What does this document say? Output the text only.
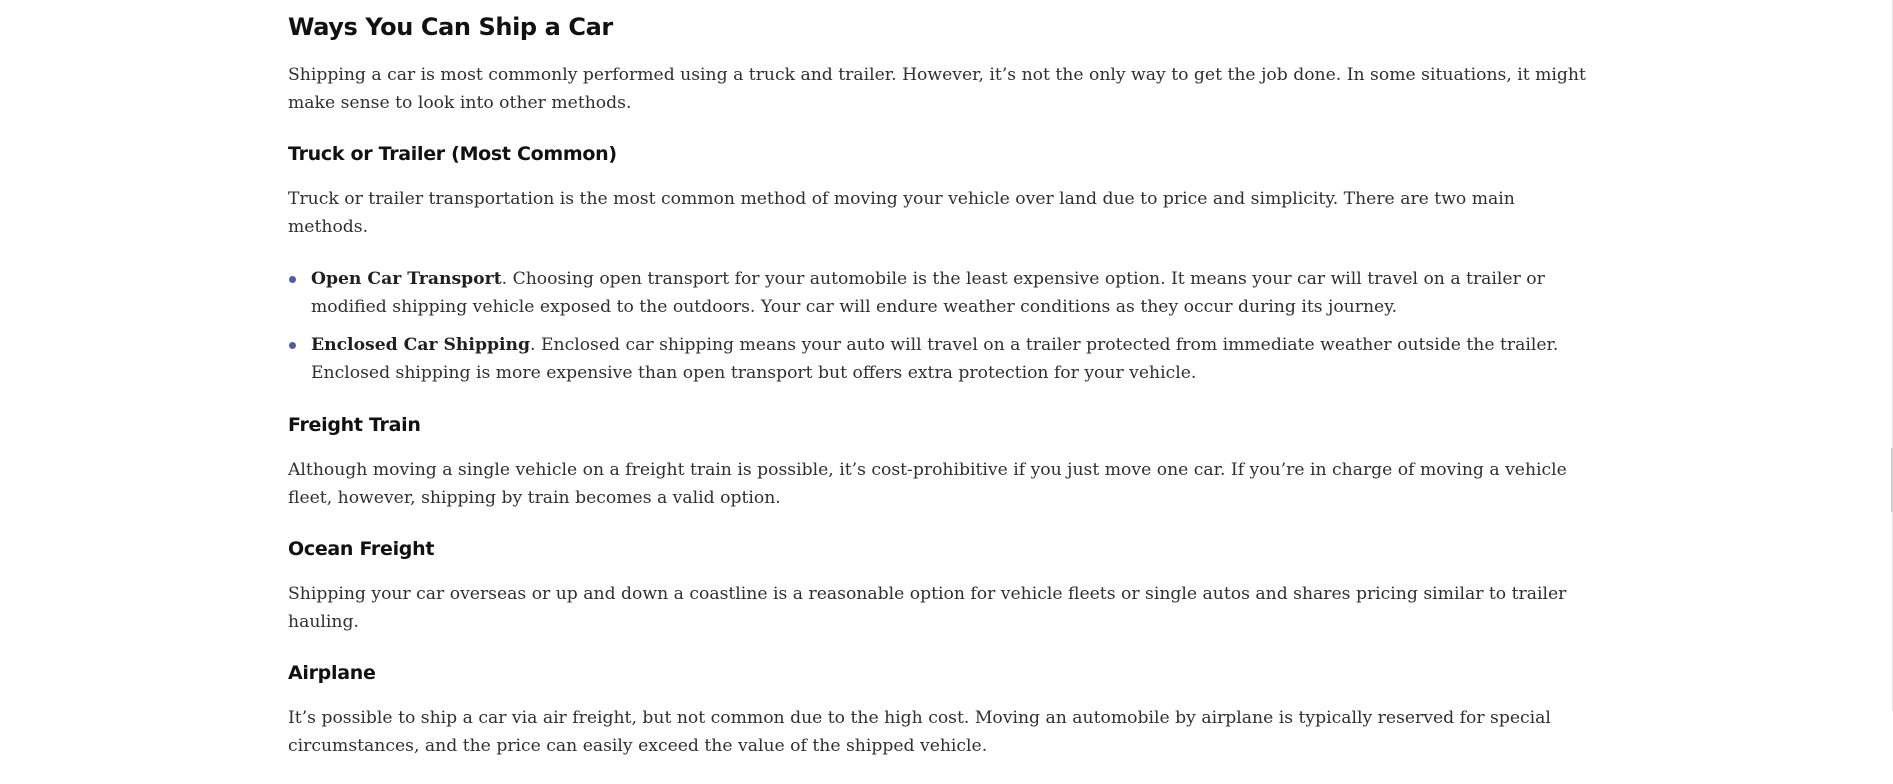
Ways You Can Ship a Car

Shipping a car is most commonly performed using a truck and trailer. However, it’s not the only way to get the job done. In some situations, it might make sense to look into other methods.

Truck or Trailer (Most Common)

Truck or trailer transportation is the most common method of moving your vehicle over land due to price and simplicity. There are two main methods.

Open Car Transport. Choosing open transport for your automobile is the least expensive option. It means your car will travel on a trailer or modified shipping vehicle exposed to the outdoors. Your car will endure weather conditions as they occur during its journey.
Enclosed Car Shipping. Enclosed car shipping means your auto will travel on a trailer protected from immediate weather outside the trailer. Enclosed shipping is more expensive than open transport but offers extra protection for your vehicle.
Freight Train

Although moving a single vehicle on a freight train is possible, it’s cost-prohibitive if you just move one car. If you’re in charge of moving a vehicle fleet, however, shipping by train becomes a valid option.

Ocean Freight

Shipping your car overseas or up and down a coastline is a reasonable option for vehicle fleets or single autos and shares pricing similar to trailer hauling.

Airplane

It’s possible to ship a car via air freight, but not common due to the high cost. Moving an automobile by airplane is typically reserved for special circumstances, and the price can easily exceed the value of the shipped vehicle.
